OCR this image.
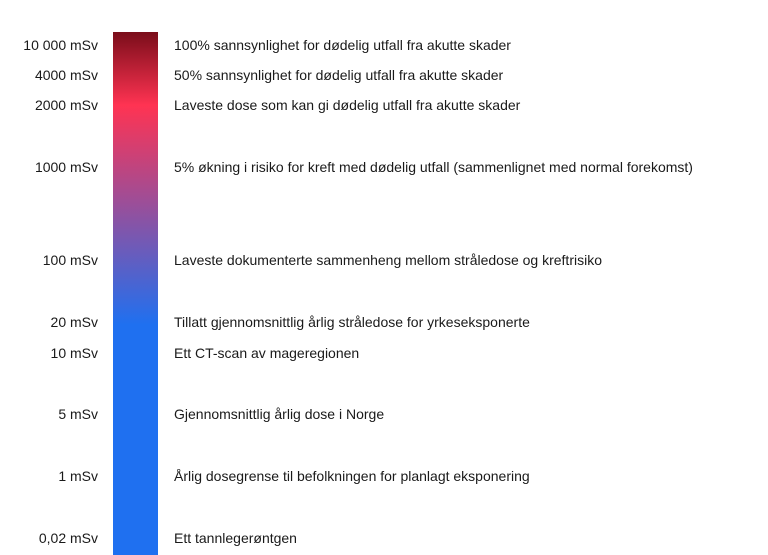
10 000 mSv	100% sannsynlighet for dødelig utfall fra akutte skader
4000 mSv	50% sannsynlighet for dødelig utfall fra akutte skader
2000 mSv	Laveste dose som kan gi dødelig utfall fra akutte skader
1000 mSv	5% økning i risiko for kreft med dødelig utfall (sammenlignet med normal forekomst)
100 mSv	Laveste dokumenterte sammenheng mellom stråledose og kreftrisiko
20 mSv	Tillatt gjennomsnittlig årlig stråledose for yrkeseksponerte
10 mSv	Ett CT-scan av mageregionen
5 mSv	Gjennomsnittlig årlig dose i Norge
1 mSv	Årlig dosegrense til befolkningen for planlagt eksponering
0,02 mSv	Ett tannlegerøntgen
